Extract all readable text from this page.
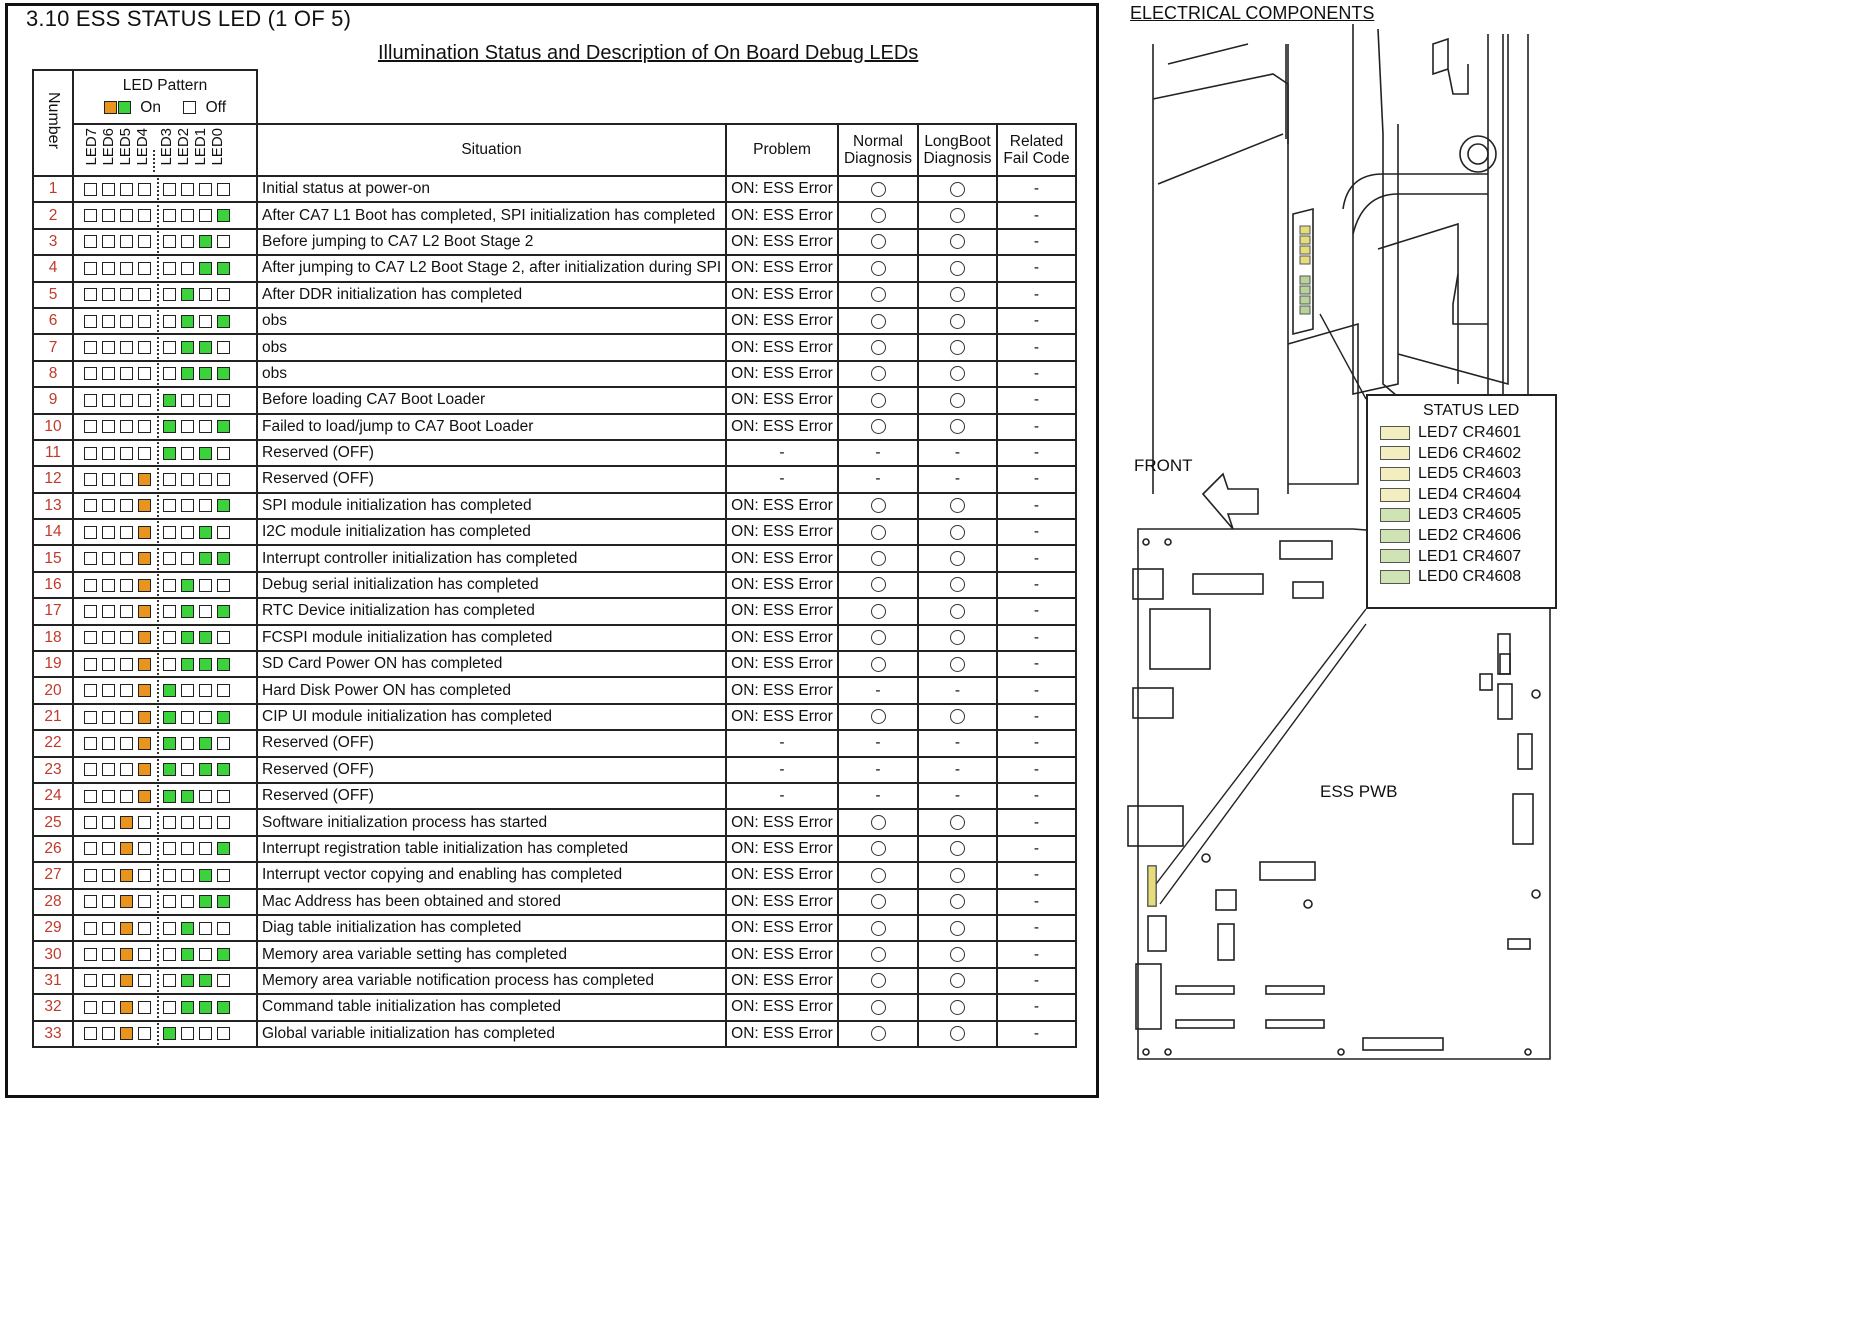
3.10 ESS STATUS LED (1 OF 5)
Illumination Status and Description of On Board Debug LEDs
Number	LED Pattern
On Off					

	LED7LED6LED5LED4 LED3LED2LED1LED0	Situation	Problem	Normal Diagnosis	LongBoot Diagnosis	Related Fail Code
1		Initial status at power-on	ON: ESS Error			-
2		After CA7 L1 Boot has completed, SPI initialization has completed	ON: ESS Error			-
3		Before jumping to CA7 L2 Boot Stage 2	ON: ESS Error			-
4		After jumping to CA7 L2 Boot Stage 2, after initialization during SPI	ON: ESS Error			-
5		After DDR initialization has completed	ON: ESS Error			-
6		obs	ON: ESS Error			-
7		obs	ON: ESS Error			-
8		obs	ON: ESS Error			-
9		Before loading CA7 Boot Loader	ON: ESS Error			-
10		Failed to load/jump to CA7 Boot Loader	ON: ESS Error			-
11		Reserved (OFF)	-	-	-	-
12		Reserved (OFF)	-	-	-	-
13		SPI module initialization has completed	ON: ESS Error			-
14		I2C module initialization has completed	ON: ESS Error			-
15		Interrupt controller initialization has completed	ON: ESS Error			-
16		Debug serial initialization has completed	ON: ESS Error			-
17		RTC Device initialization has completed	ON: ESS Error			-
18		FCSPI module initialization has completed	ON: ESS Error			-
19		SD Card Power ON has completed	ON: ESS Error			-
20		Hard Disk Power ON has completed	ON: ESS Error	-	-	-
21		CIP UI module initialization has completed	ON: ESS Error			-
22		Reserved (OFF)	-	-	-	-
23		Reserved (OFF)	-	-	-	-
24		Reserved (OFF)	-	-	-	-
25		Software initialization process has started	ON: ESS Error			-
26		Interrupt registration table initialization has completed	ON: ESS Error			-
27		Interrupt vector copying and enabling has completed	ON: ESS Error			-
28		Mac Address has been obtained and stored	ON: ESS Error			-
29		Diag table initialization has completed	ON: ESS Error			-
30		Memory area variable setting has completed	ON: ESS Error			-
31		Memory area variable notification process has completed	ON: ESS Error			-
32		Command table initialization has completed	ON: ESS Error			-
33		Global variable initialization has completed	ON: ESS Error			-
ELECTRICAL COMPONENTS
FRONT
ESS PWB
STATUS LED
LED7 CR4601
LED6 CR4602
LED5 CR4603
LED4 CR4604
LED3 CR4605
LED2 CR4606
LED1 CR4607
LED0 CR4608
